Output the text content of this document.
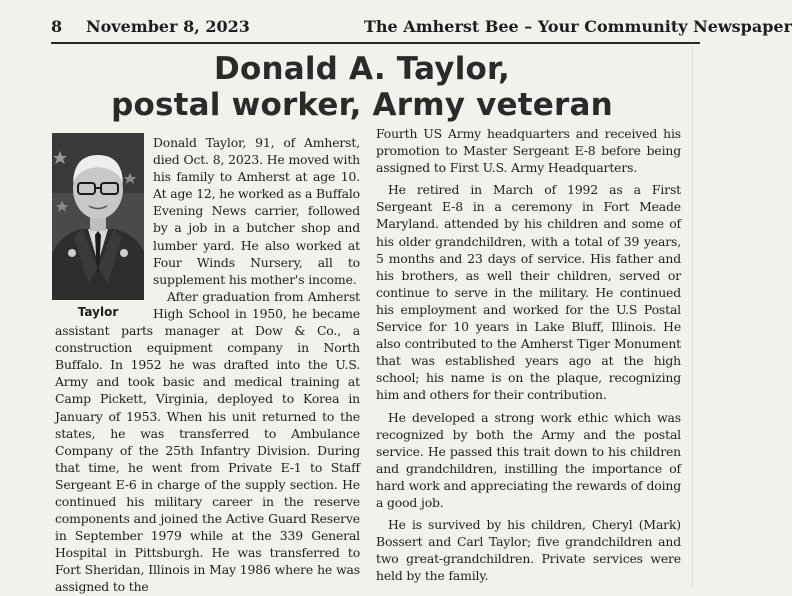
8 November 8, 2023	The Amherst Bee – Your Community Newspaper
Donald A. Taylor,
postal worker, Army veteran
Taylor

Donald Taylor, 91, of Amherst, died Oct. 8, 2023. He moved with his family to Amherst at age 10. At age 12, he worked as a Buffalo Evening News carrier, followed by a job in a butcher shop and lumber yard. He also worked at Four Winds Nursery, all to supplement his mother's income.

After graduation from Amherst High School in 1950, he became assistant parts manager at Dow & Co., a construction equipment company in North Buffalo. In 1952 he was drafted into the U.S. Army and took basic and medical training at Camp Pickett, Virginia, deployed to Korea in January of 1953. When his unit returned to the states, he was transferred to Ambulance Company of the 25th Infantry Division. During that time, he went from Private E-1 to Staff Sergeant E-6 in charge of the supply section. He continued his military career in the reserve components and joined the Active Guard Reserve in September 1979 while at the 339 General Hospital in Pittsburgh. He was transferred to Fort Sheridan, Illinois in May 1986 where he was assigned to the

Fourth US Army headquarters and received his promotion to Master Sergeant E-8 before being assigned to First U.S. Army Headquarters.

He retired in March of 1992 as a First Sergeant E-8 in a ceremony in Fort Meade Maryland. attended by his children and some of his older grandchildren, with a total of 39 years, 5 months and 23 days of service. His father and his brothers, as well their children, served or continue to serve in the military. He continued his employment and worked for the U.S Postal Service for 10 years in Lake Bluff, Illinois. He also contributed to the Amherst Tiger Monument that was established years ago at the high school; his name is on the plaque, recognizing him and others for their contribution.

He developed a strong work ethic which was recognized by both the Army and the postal service. He passed this trait down to his children and grandchildren, instilling the importance of hard work and appreciating the rewards of doing a good job.

He is survived by his children, Cheryl (Mark) Bossert and Carl Taylor; five grandchildren and two great-grandchildren. Private services were held by the family.
